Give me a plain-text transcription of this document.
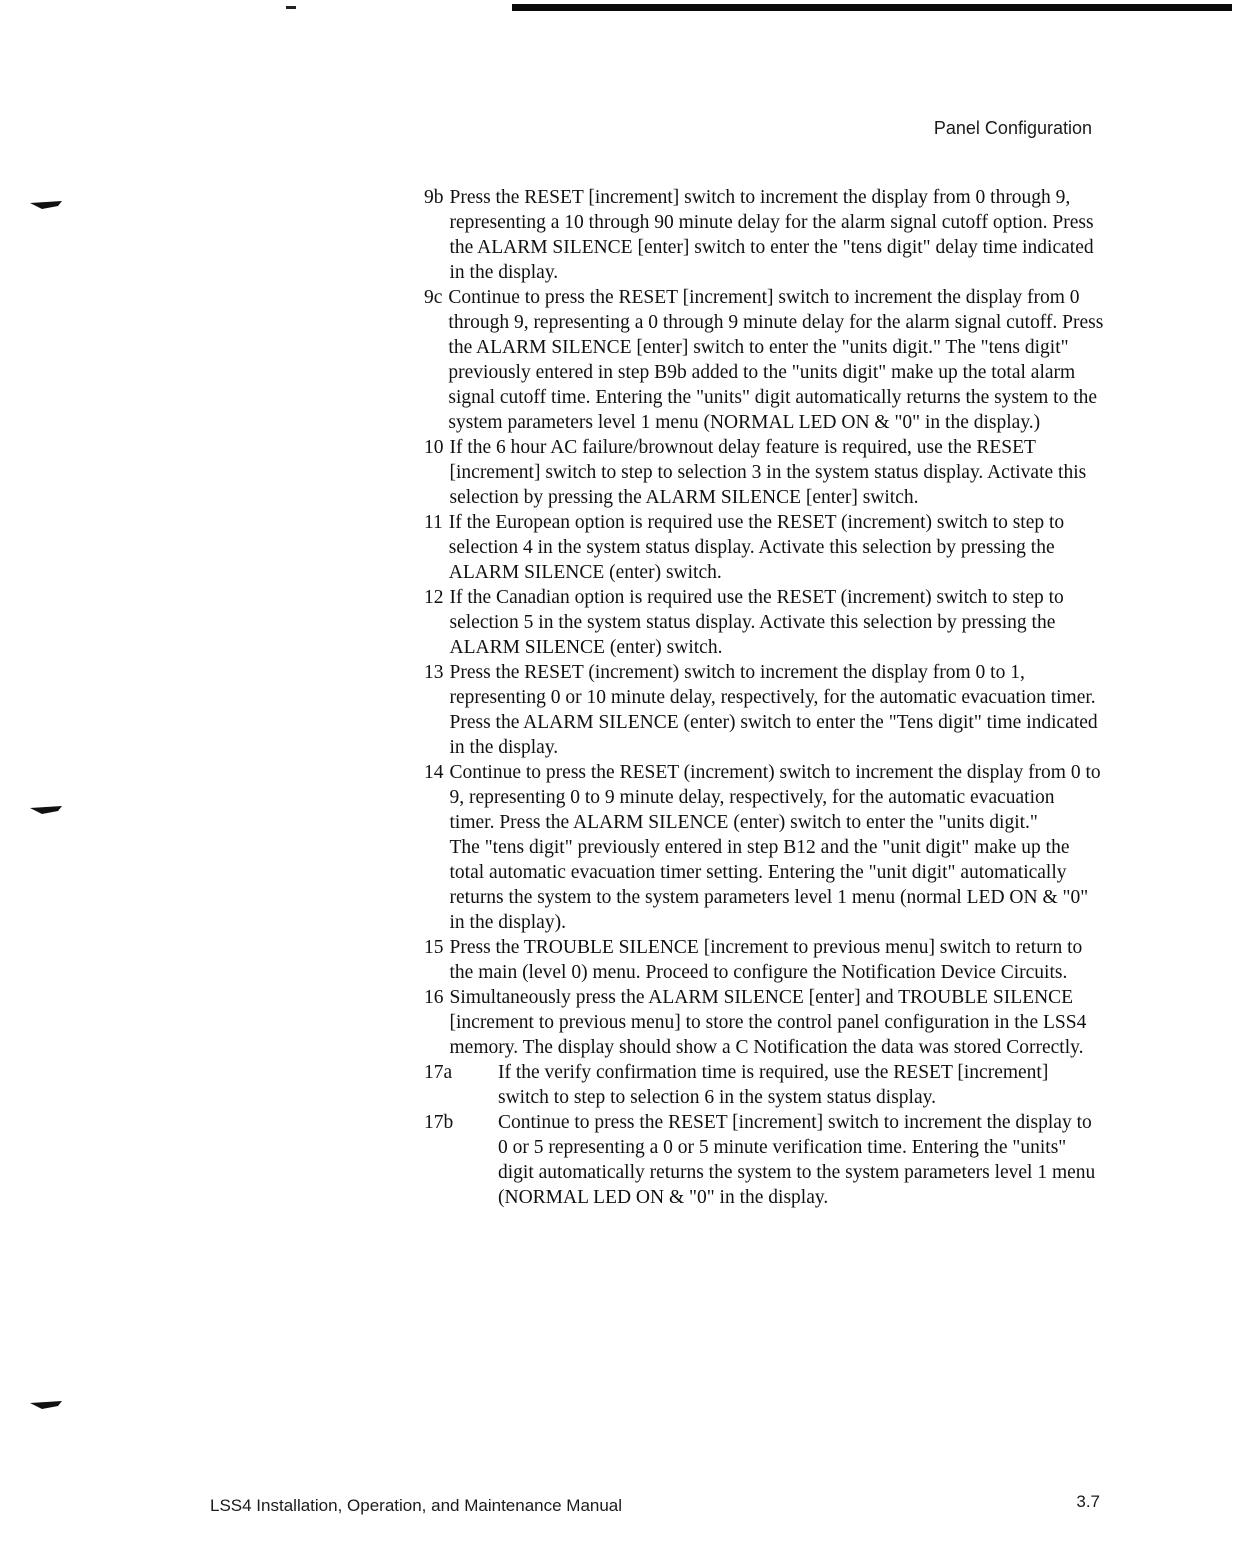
Panel Configuration
9b Press the RESET [increment] switch to increment the display from 0 through 9, representing a 10 through 90 minute delay for the alarm signal cutoff option. Press the ALARM SILENCE [enter] switch to enter the "tens digit" delay time indicated in the display.

9c Continue to press the RESET [increment] switch to increment the display from 0 through 9, representing a 0 through 9 minute delay for the alarm signal cutoff. Press the ALARM SILENCE [enter] switch to enter the "units digit." The "tens digit" previously entered in step B9b added to the "units digit" make up the total alarm signal cutoff time. Entering the "units" digit automatically returns the system to the system parameters level 1 menu (NORMAL LED ON & "0" in the display.)

10 If the 6 hour AC failure/brownout delay feature is required, use the RESET [increment] switch to step to selection 3 in the system status display. Activate this selection by pressing the ALARM SILENCE [enter] switch.

11 If the European option is required use the RESET (increment) switch to step to selection 4 in the system status display. Activate this selection by pressing the ALARM SILENCE (enter) switch.

12 If the Canadian option is required use the RESET (increment) switch to step to selection 5 in the system status display. Activate this selection by pressing the ALARM SILENCE (enter) switch.

13 Press the RESET (increment) switch to increment the display from 0 to 1, representing 0 or 10 minute delay, respectively, for the automatic evacuation timer. Press the ALARM SILENCE (enter) switch to enter the "Tens digit" time indicated in the display.

14 Continue to press the RESET (increment) switch to increment the display from 0 to 9, representing 0 to 9 minute delay, respectively, for the automatic evacuation timer. Press the ALARM SILENCE (enter) switch to enter the "units digit."

The "tens digit" previously entered in step B12 and the "unit digit" make up the total automatic evacuation timer setting. Entering the "unit digit" automatically returns the system to the system parameters level 1 menu (normal LED ON & "0" in the display).

15 Press the TROUBLE SILENCE [increment to previous menu] switch to return to the main (level 0) menu. Proceed to configure the Notification Device Circuits.

16 Simultaneously press the ALARM SILENCE [enter] and TROUBLE SILENCE [increment to previous menu] to store the control panel configuration in the LSS4 memory. The display should show a C Notification the data was stored Correctly.

17a	If the verify confirmation time is required, use the RESET [increment] switch to step to selection 6 in the system status display.

17b	Continue to press the RESET [increment] switch to increment the display to 0 or 5 representing a 0 or 5 minute verification time. Entering the "units" digit automatically returns the system to the system parameters level 1 menu (NORMAL LED ON & "0" in the display.

LSS4 Installation, Operation, and Maintenance Manual	3.7
